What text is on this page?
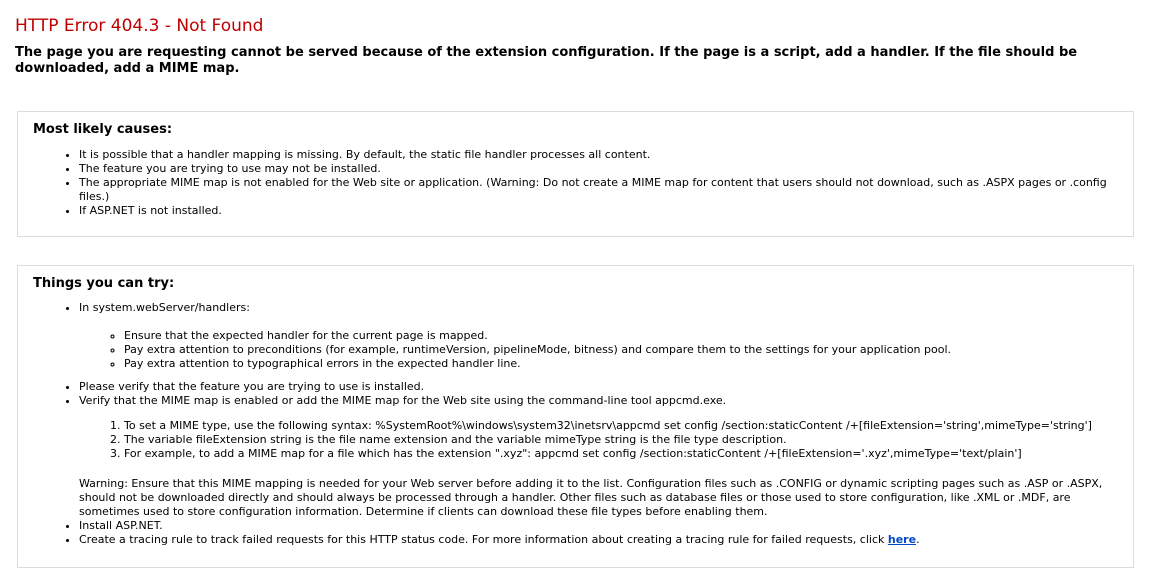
HTTP Error 404.3 - Not Found
The page you are requesting cannot be served because of the extension configuration. If the page is a script, add a handler. If the file should be downloaded, add a MIME map.
Most likely causes:
• It is possible that a handler mapping is missing. By default, the static file handler processes all content.
• The feature you are trying to use may not be installed.
• The appropriate MIME map is not enabled for the Web site or application. (Warning: Do not create a MIME map for content that users should not download, such as .ASPX pages or .config files.)
• If ASP.NET is not installed.
Things you can try:
• In system.webServer/handlers:
◦ Ensure that the expected handler for the current page is mapped.
◦ Pay extra attention to preconditions (for example, runtimeVersion, pipelineMode, bitness) and compare them to the settings for your application pool.
◦ Pay extra attention to typographical errors in the expected handler line.
• Please verify that the feature you are trying to use is installed.
• Verify that the MIME map is enabled or add the MIME map for the Web site using the command-line tool appcmd.exe.
1. To set a MIME type, use the following syntax: %SystemRoot%\windows\system32\inetsrv\appcmd set config /section:staticContent /+[fileExtension='string',mimeType='string']
2. The variable fileExtension string is the file name extension and the variable mimeType string is the file type description.
3. For example, to add a MIME map for a file which has the extension ".xyz": appcmd set config /section:staticContent /+[fileExtension='.xyz',mimeType='text/plain']

Warning: Ensure that this MIME mapping is needed for your Web server before adding it to the list. Configuration files such as .CONFIG or dynamic scripting pages such as .ASP or .ASPX, should not be downloaded directly and should always be processed through a handler. Other files such as database files or those used to store configuration, like .XML or .MDF, are sometimes used to store configuration information. Determine if clients can download these file types before enabling them.

• Install ASP.NET.
• Create a tracing rule to track failed requests for this HTTP status code. For more information about creating a tracing rule for failed requests, click here.
